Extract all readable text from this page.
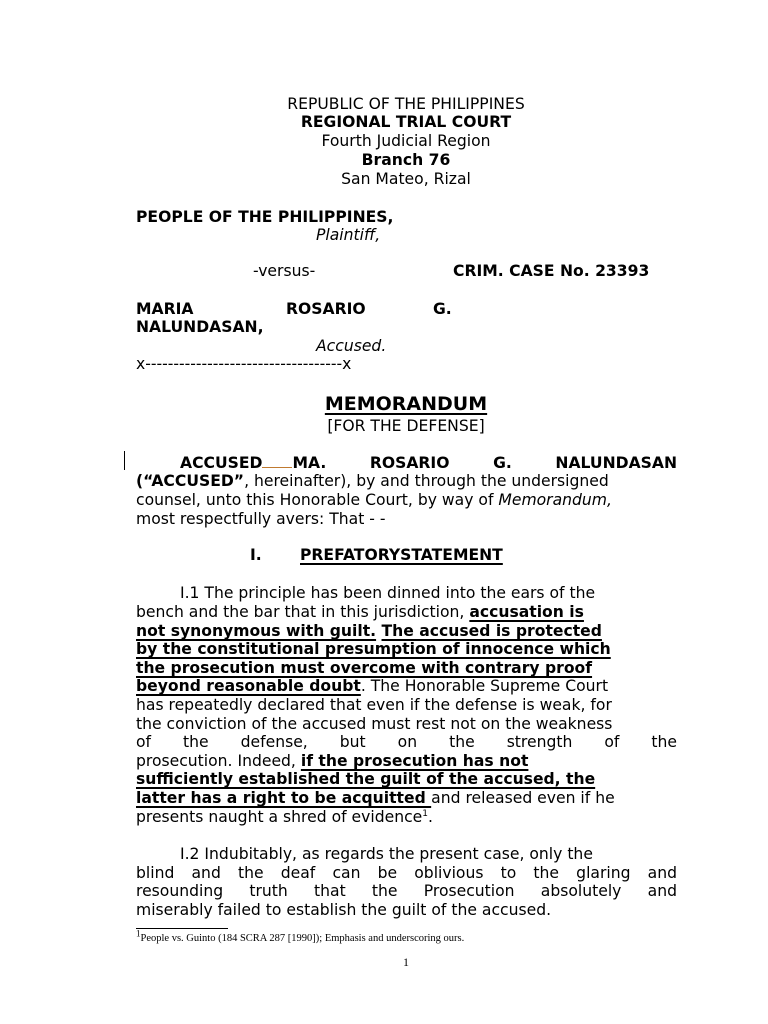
REPUBLIC OF THE PHILIPPINES
REGIONAL TRIAL COURT
Fourth Judicial Region
Branch 76
San Mateo, Rizal
PEOPLE OF THE PHILIPPINES,
Plaintiff,
-versus-	CRIM. CASE No. 23393
MARIA	ROSARIO	G.
NALUNDASAN,
Accused.
x-----------------------------------x
MEMORANDUM
[FOR THE DEFENSE]
ACCUSED MA. ROSARIO G. NALUNDASAN
(“ACCUSED”, hereinafter), by and through the undersigned
counsel, unto this Honorable Court, by way of Memorandum,
most respectfully avers: That - -
I. PREFATORYSTATEMENT
I.1 The principle has been dinned into the ears of the
bench and the bar that in this jurisdiction, accusation is
not synonymous with guilt. The accused is protected
by the constitutional presumption of innocence which
the prosecution must overcome with contrary proof
beyond reasonable doubt. The Honorable Supreme Court
has repeatedly declared that even if the defense is weak, for
the conviction of the accused must rest not on the weakness
of the defense, but on the strength of the
prosecution. Indeed, if the prosecution has not
sufficiently established the guilt of the accused, the
latter has a right to be acquitted and released even if he
presents naught a shred of evidence$^1$.
I.2 Indubitably, as regards the present case, only the
blind and the deaf can be oblivious to the glaring and
resounding truth that the Prosecution absolutely and
miserably failed to establish the guilt of the accused.
$^1$People vs. Guinto (184 SCRA 287 [1990]); Emphasis and underscoring ours.
1
